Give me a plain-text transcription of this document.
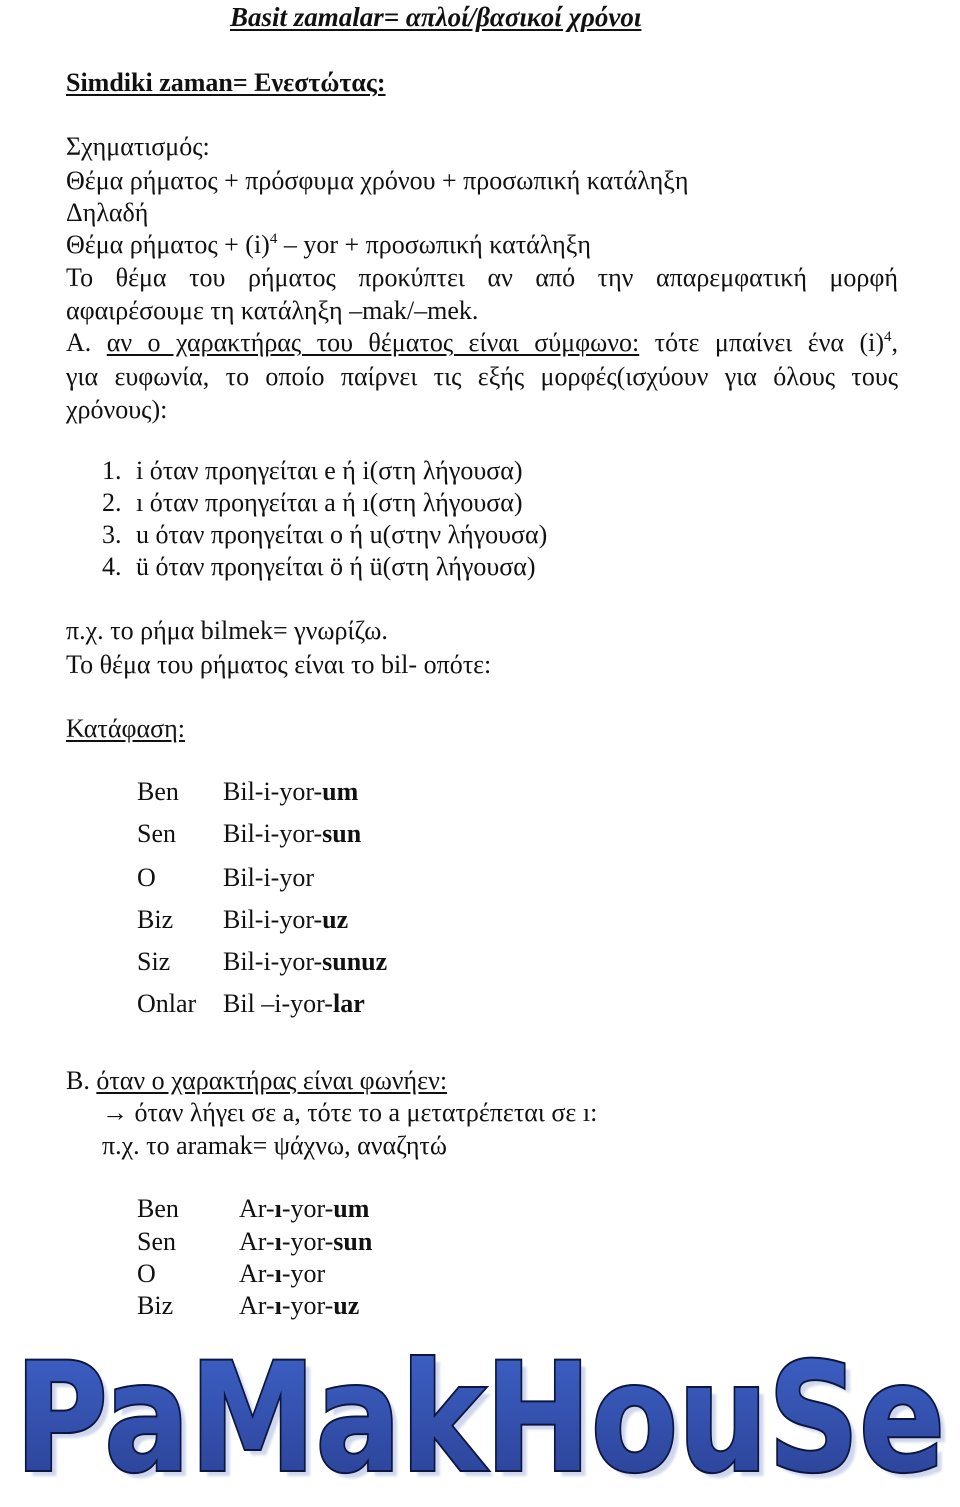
Basit zamalar= απλοί/βασικοί χρόνοι
Simdiki zaman= Ενεστώτας:
Σχηματισμός:
Θέμα ρήματος + πρόσφυμα χρόνου + προσωπική κατάληξη
Δηλαδή
Θέμα $\rho ή\mu\alpha\tau o\varsigma + (i)^4$ – yor + προσωπική κατάληξη
Το θέμα του ρήματος προκύπτει αν από την απαρεμφατική μορφή
αφαιρέσουμε τη κατάληξη –mak/–mek.
A. αν ο χαρακτήρας του θέματος είναι σύμφωνο: τότε μπαίνει ένα $(i)^4$,
για ευφωνία, το οποίο παίρνει τις εξής μορφές(ισχύουν για όλους τους
χρόνους):
1. i όταν προηγείται e ή i(στη λήγουσα)
2. ı όταν προηγείται a ή ı(στη λήγουσα)
3. u όταν προηγείται o ή u(στην λήγουσα)
4. ü όταν προηγείται ö ή ü(στη λήγουσα)
π.χ. το ρήμα bilmek= γνωρίζω.
Το θέμα του ρήματος είναι το bil- οπότε:
Κατάφαση:
Ben Bil-i-yor-um
Sen Bil-i-yor-sun
O	Bil-i-yor
Biz Bil-i-yor-uz
Siz Bil-i-yor-sunuz
Onlar Bil –i-yor-lar
B. όταν ο χαρακτήρας είναι φωνήεν:
→ όταν λήγει σε a, τότε το a μετατρέπεται σε ı:
π.χ. το aramak= ψάχνω, αναζητώ
Ben Ar-ı-yor-um
Sen Ar-ı-yor-sun
O	Ar-ı-yor
Biz	Ar-ı-yor-uz
PaMakHouSe
PaMakHouSe
